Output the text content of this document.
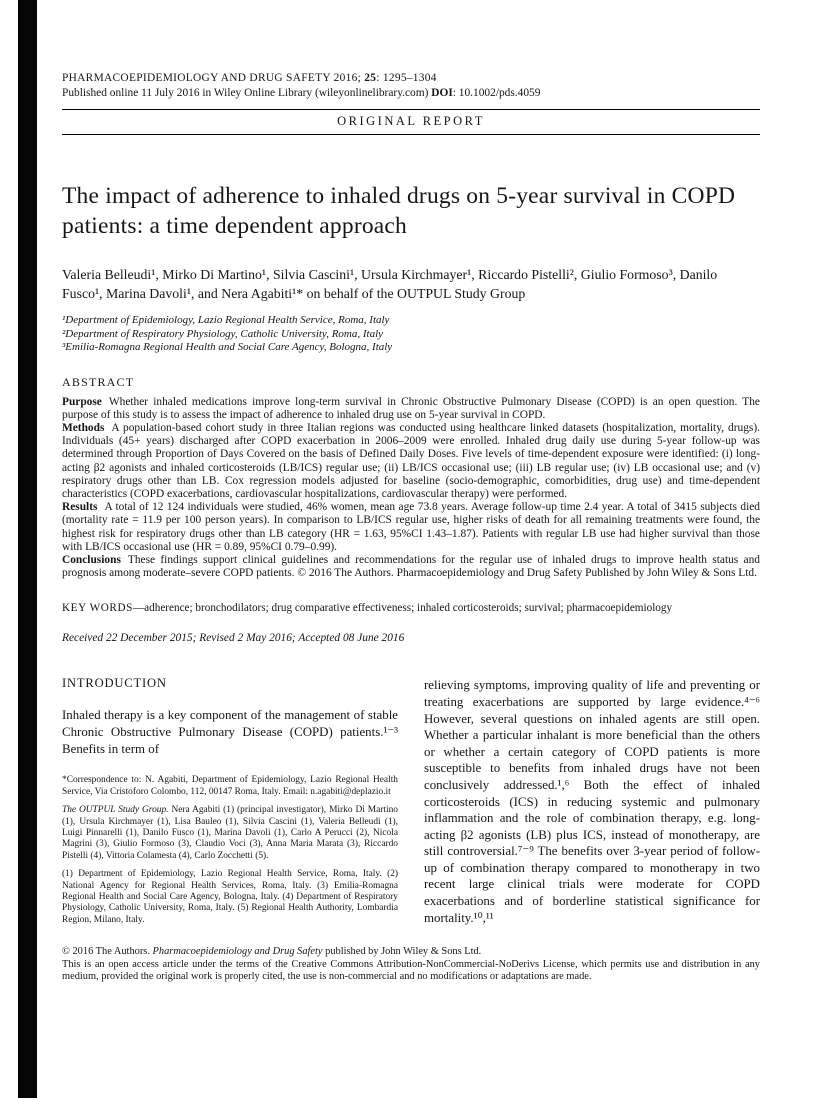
PHARMACOEPIDEMIOLOGY AND DRUG SAFETY 2016; 25: 1295–1304
Published online 11 July 2016 in Wiley Online Library (wileyonlinelibrary.com) DOI: 10.1002/pds.4059
ORIGINAL REPORT
The impact of adherence to inhaled drugs on 5-year survival in COPD patients: a time dependent approach

Valeria Belleudi¹, Mirko Di Martino¹, Silvia Cascini¹, Ursula Kirchmayer¹, Riccardo Pistelli², Giulio Formoso³, Danilo Fusco¹, Marina Davoli¹, and Nera Agabiti¹* on behalf of the OUTPUL Study Group

¹Department of Epidemiology, Lazio Regional Health Service, Roma, Italy
²Department of Respiratory Physiology, Catholic University, Roma, Italy
³Emilia-Romagna Regional Health and Social Care Agency, Bologna, Italy
ABSTRACT

Purpose Whether inhaled medications improve long-term survival in Chronic Obstructive Pulmonary Disease (COPD) is an open question. The purpose of this study is to assess the impact of adherence to inhaled drug use on 5-year survival in COPD.

Methods A population-based cohort study in three Italian regions was conducted using healthcare linked datasets (hospitalization, mortality, drugs). Individuals (45+ years) discharged after COPD exacerbation in 2006–2009 were enrolled. Inhaled drug daily use during 5-year follow-up was determined through Proportion of Days Covered on the basis of Defined Daily Doses. Five levels of time-dependent exposure were identified: (i) long-acting β2 agonists and inhaled corticosteroids (LB/ICS) regular use; (ii) LB/ICS occasional use; (iii) LB regular use; (iv) LB occasional use; and (v) respiratory drugs other than LB. Cox regression models adjusted for baseline (socio-demographic, comorbidities, drug use) and time-dependent characteristics (COPD exacerbations, cardiovascular hospitalizations, cardiovascular therapy) were performed.

Results A total of 12 124 individuals were studied, 46% women, mean age 73.8 years. Average follow-up time 2.4 year. A total of 3415 subjects died (mortality rate = 11.9 per 100 person years). In comparison to LB/ICS regular use, higher risks of death for all remaining treatments were found, the highest risk for respiratory drugs other than LB category (HR = 1.63, 95%CI 1.43–1.87). Patients with regular LB use had higher survival than those with LB/ICS occasional use (HR = 0.89, 95%CI 0.79–0.99).

Conclusions These findings support clinical guidelines and recommendations for the regular use of inhaled drugs to improve health status and prognosis among moderate–severe COPD patients. © 2016 The Authors. Pharmacoepidemiology and Drug Safety Published by John Wiley & Sons Ltd.

KEY WORDS—adherence; bronchodilators; drug comparative effectiveness; inhaled corticosteroids; survival; pharmacoepidemiology

Received 22 December 2015; Revised 2 May 2016; Accepted 08 June 2016

INTRODUCTION

Inhaled therapy is a key component of the management of stable Chronic Obstructive Pulmonary Disease (COPD) patients.¹⁻³ Benefits in term of

*Correspondence to: N. Agabiti, Department of Epidemiology, Lazio Regional Health Service, Via Cristoforo Colombo, 112, 00147 Roma, Italy. Email: n.agabiti@deplazio.it

The OUTPUL Study Group. Nera Agabiti (1) (principal investigator), Mirko Di Martino (1), Ursula Kirchmayer (1), Lisa Bauleo (1), Silvia Cascini (1), Valeria Belleudi (1), Luigi Pinnarelli (1), Danilo Fusco (1), Marina Davoli (1), Carlo A Perucci (2), Nicola Magrini (3), Giulio Formoso (3), Claudio Voci (3), Anna Maria Marata (3), Riccardo Pistelli (4), Vittoria Colamesta (4), Carlo Zocchetti (5).

(1) Department of Epidemiology, Lazio Regional Health Service, Roma, Italy. (2) National Agency for Regional Health Services, Roma, Italy. (3) Emilia-Romagna Regional Health and Social Care Agency, Bologna, Italy. (4) Department of Respiratory Physiology, Catholic University, Roma, Italy. (5) Regional Health Authority, Lombardia Region, Milano, Italy.

relieving symptoms, improving quality of life and preventing or treating exacerbations are supported by large evidence.⁴⁻⁶ However, several questions on inhaled agents are still open. Whether a particular inhalant is more beneficial than the others or whether a certain category of COPD patients is more susceptible to benefits from inhaled drugs have not been conclusively addressed.¹,⁶ Both the effect of inhaled corticosteroids (ICS) in reducing systemic and pulmonary inflammation and the role of combination therapy, e.g. long-acting β2 agonists (LB) plus ICS, instead of monotherapy, are still controversial.⁷⁻⁹ The benefits over 3-year period of follow-up of combination therapy compared to monotherapy in two recent large clinical trials were moderate for COPD exacerbations and of borderline statistical significance for mortality.¹⁰,¹¹

© 2016 The Authors. Pharmacoepidemiology and Drug Safety published by John Wiley & Sons Ltd.

This is an open access article under the terms of the Creative Commons Attribution-NonCommercial-NoDerivs License, which permits use and distribution in any medium, provided the original work is properly cited, the use is non-commercial and no modifications or adaptations are made.
